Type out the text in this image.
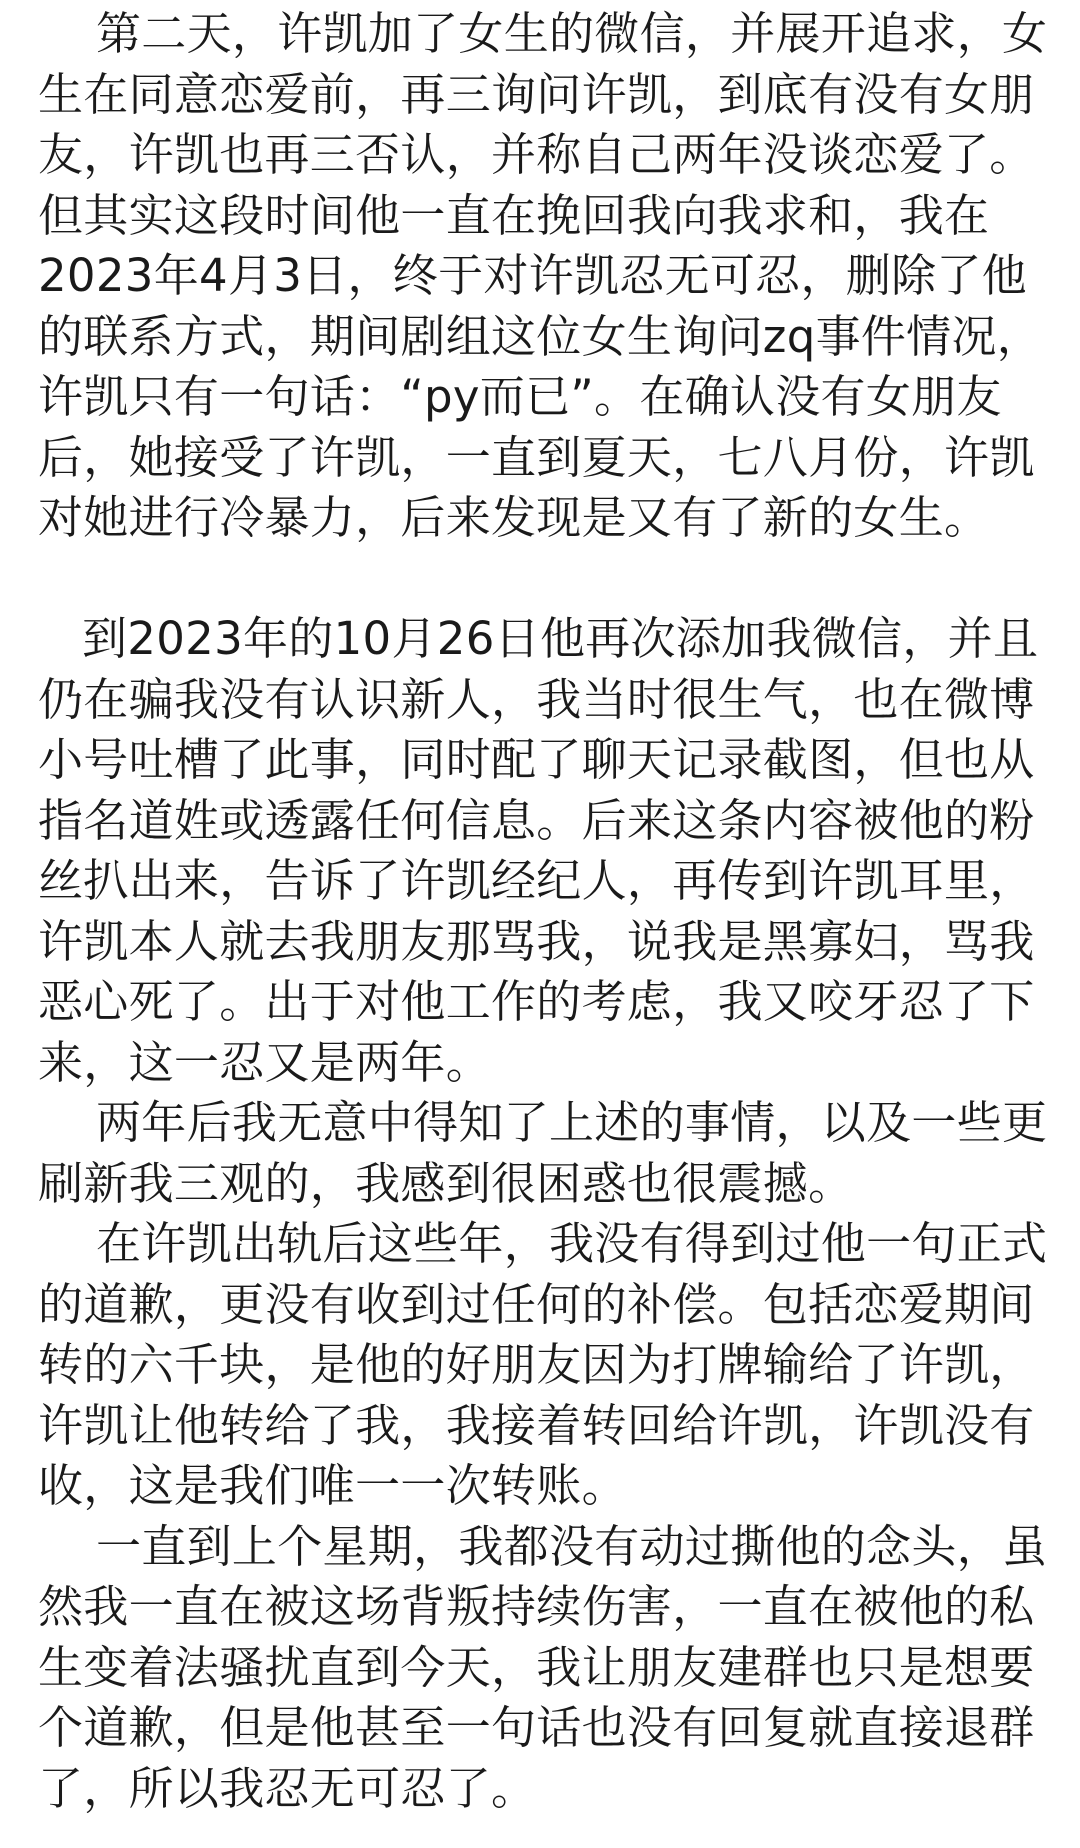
第二天，许凯加了女生的微信，并展开追求，女
生在同意恋爱前，再三询问许凯，到底有没有女朋
友，许凯也再三否认，并称自己两年没谈恋爱了。
但其实这段时间他一直在挽回我向我求和，我在
2023年4月3日，终于对许凯忍无可忍，删除了他
的联系方式，期间剧组这位女生询问zq事件情况，
许凯只有一句话：“py而已”。在确认没有女朋友
后，她接受了许凯，一直到夏天，七八月份，许凯
对她进行冷暴力，后来发现是又有了新的女生。
到2023年的10月26日他再次添加我微信，并且
仍在骗我没有认识新人，我当时很生气，也在微博
小号吐槽了此事，同时配了聊天记录截图，但也从
指名道姓或透露任何信息。后来这条内容被他的粉
丝扒出来，告诉了许凯经纪人，再传到许凯耳里，
许凯本人就去我朋友那骂我，说我是黑寡妇，骂我
恶心死了。出于对他工作的考虑，我又咬牙忍了下
来，这一忍又是两年。
两年后我无意中得知了上述的事情，以及一些更
刷新我三观的，我感到很困惑也很震撼。
在许凯出轨后这些年，我没有得到过他一句正式
的道歉，更没有收到过任何的补偿。包括恋爱期间
转的六千块，是他的好朋友因为打牌输给了许凯，
许凯让他转给了我，我接着转回给许凯，许凯没有
收，这是我们唯一一次转账。
一直到上个星期，我都没有动过撕他的念头，虽
然我一直在被这场背叛持续伤害，一直在被他的私
生变着法骚扰直到今天，我让朋友建群也只是想要
个道歉，但是他甚至一句话也没有回复就直接退群
了，所以我忍无可忍了。
